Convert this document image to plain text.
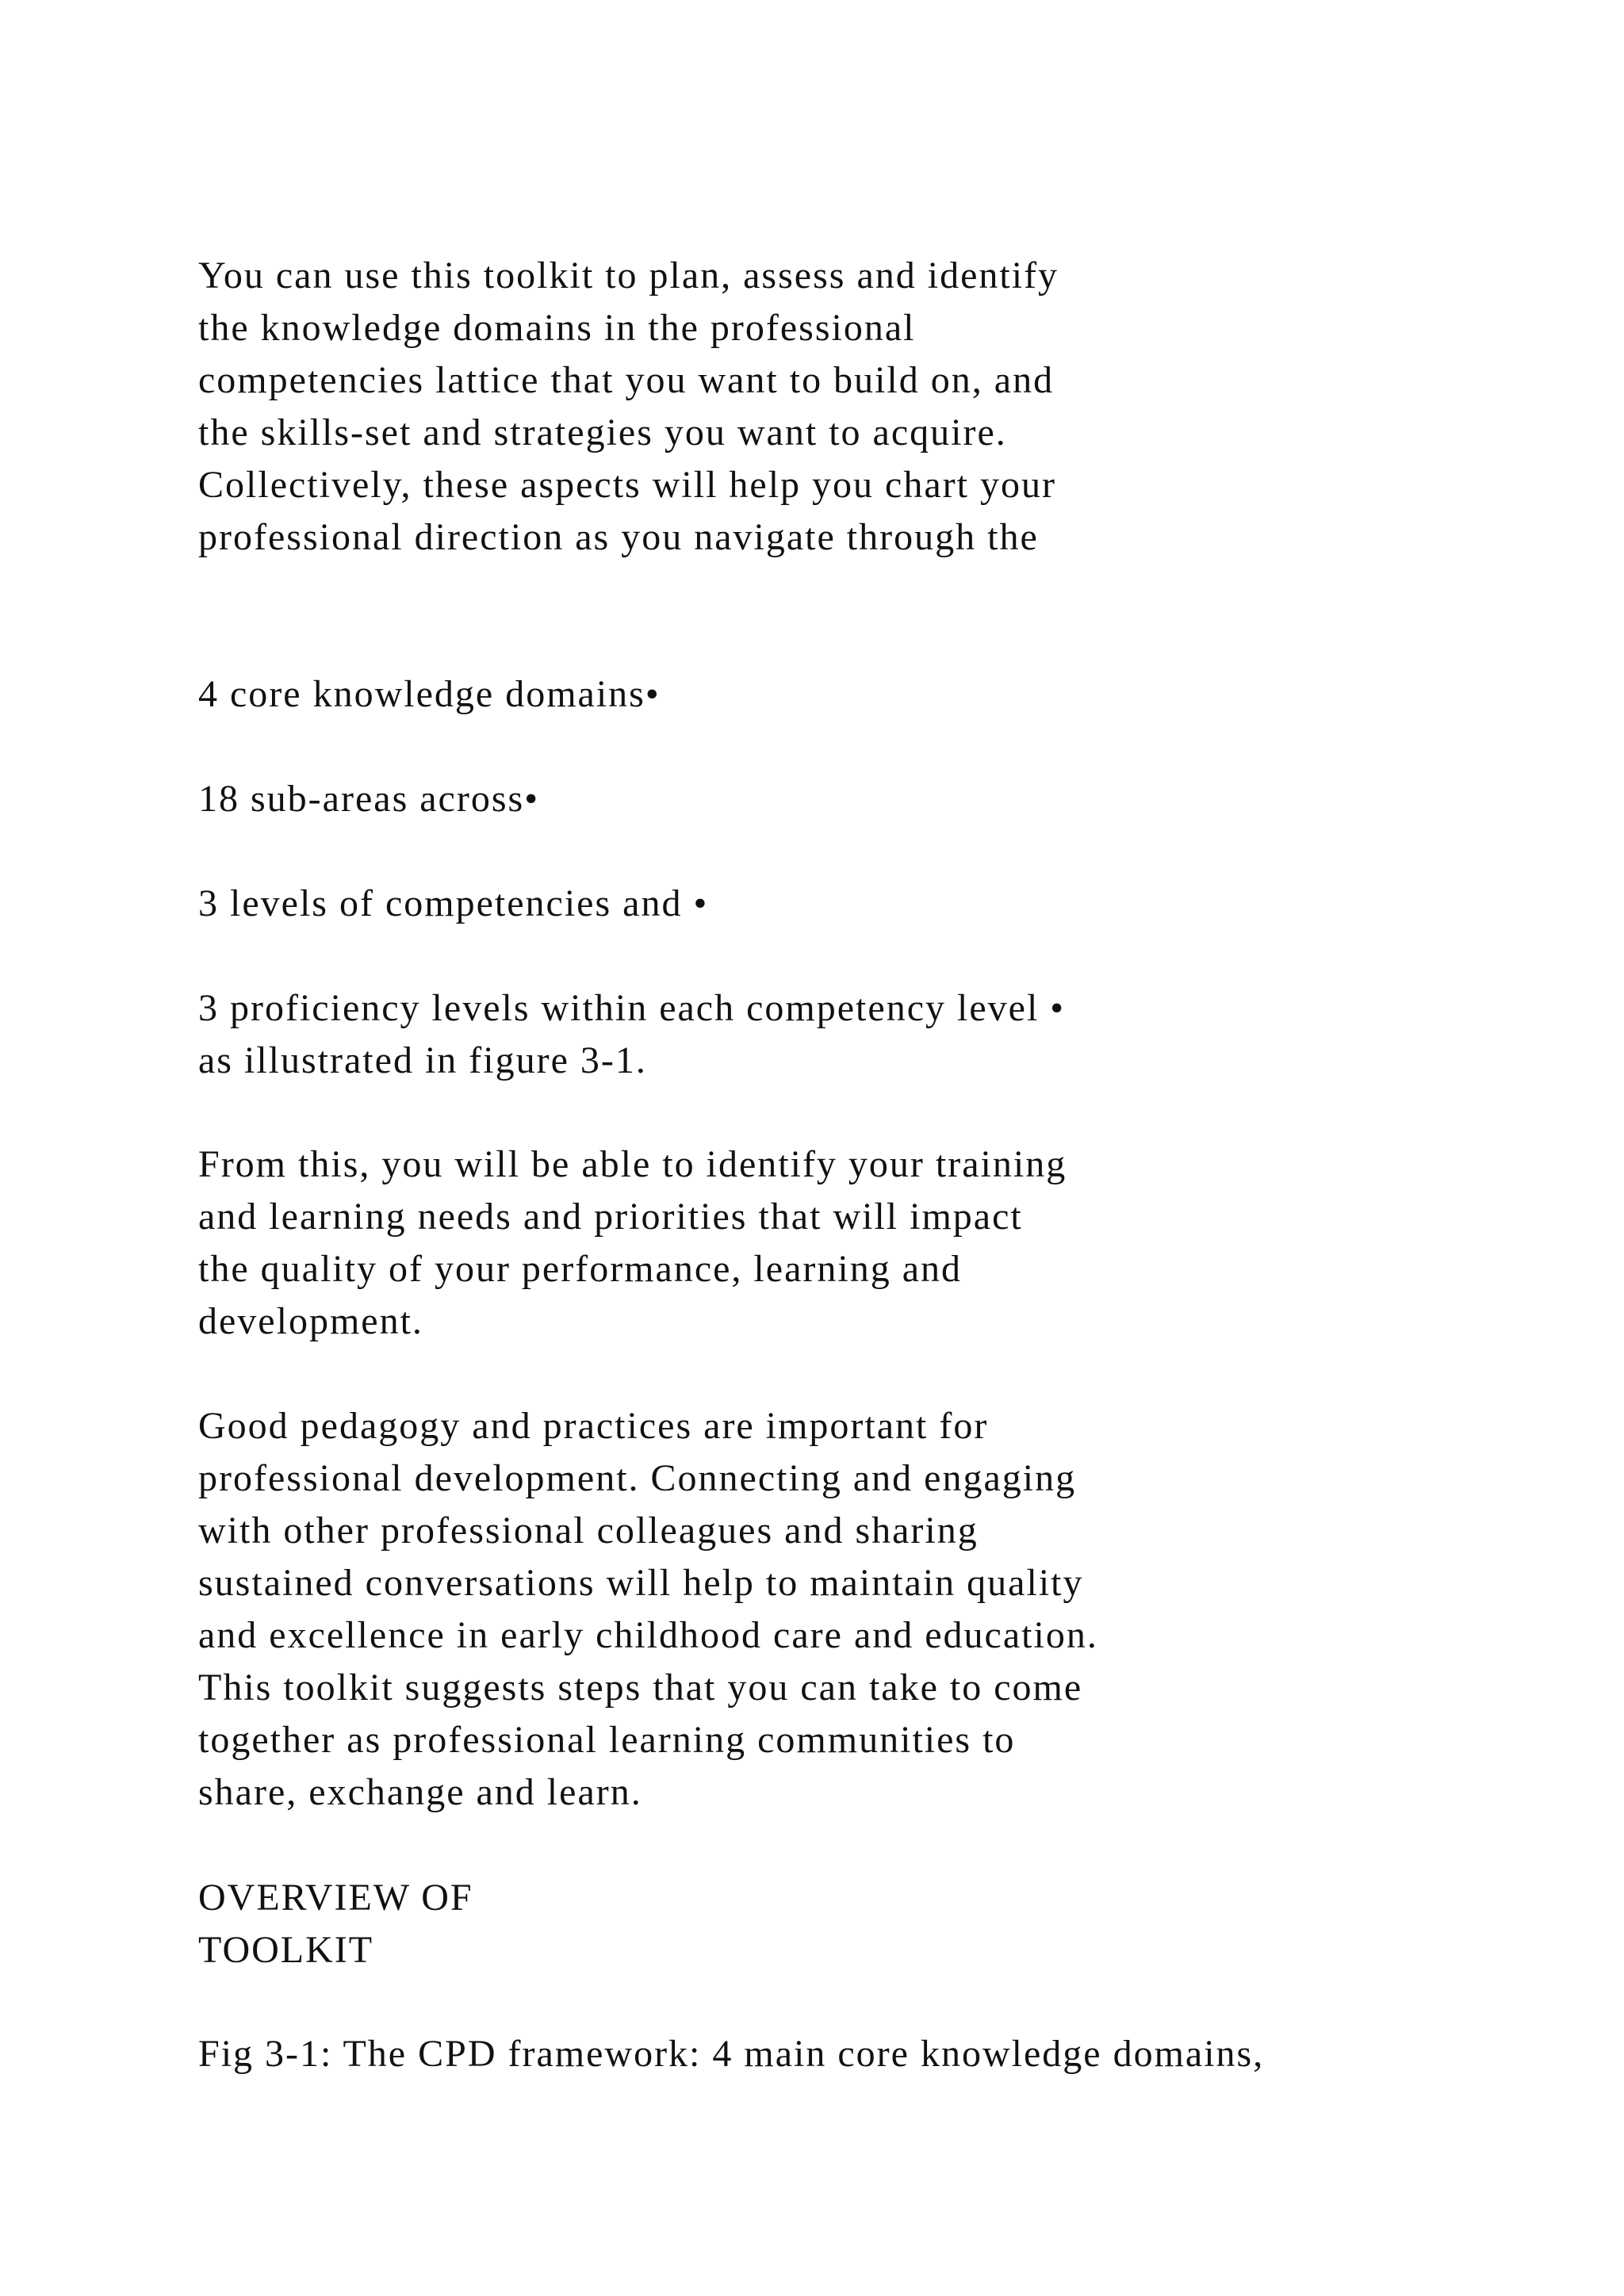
You can use this toolkit to plan, assess and identify
the knowledge domains in the professional
competencies lattice that you want to build on, and
the skills-set and strategies you want to acquire.
Collectively, these aspects will help you chart your
professional direction as you navigate through the
4 core knowledge domains•
18 sub-areas across•
3 levels of competencies and •
3 proficiency levels within each competency level •
as illustrated in figure 3-1.
From this, you will be able to identify your training
and learning needs and priorities that will impact
the quality of your performance, learning and
development.
Good pedagogy and practices are important for
professional development. Connecting and engaging
with other professional colleagues and sharing
sustained conversations will help to maintain quality
and excellence in early childhood care and education.
This toolkit suggests steps that you can take to come
together as professional learning communities to
share, exchange and learn.
OVERVIEW OF
TOOLKIT
Fig 3-1: The CPD framework: 4 main core knowledge domains,
